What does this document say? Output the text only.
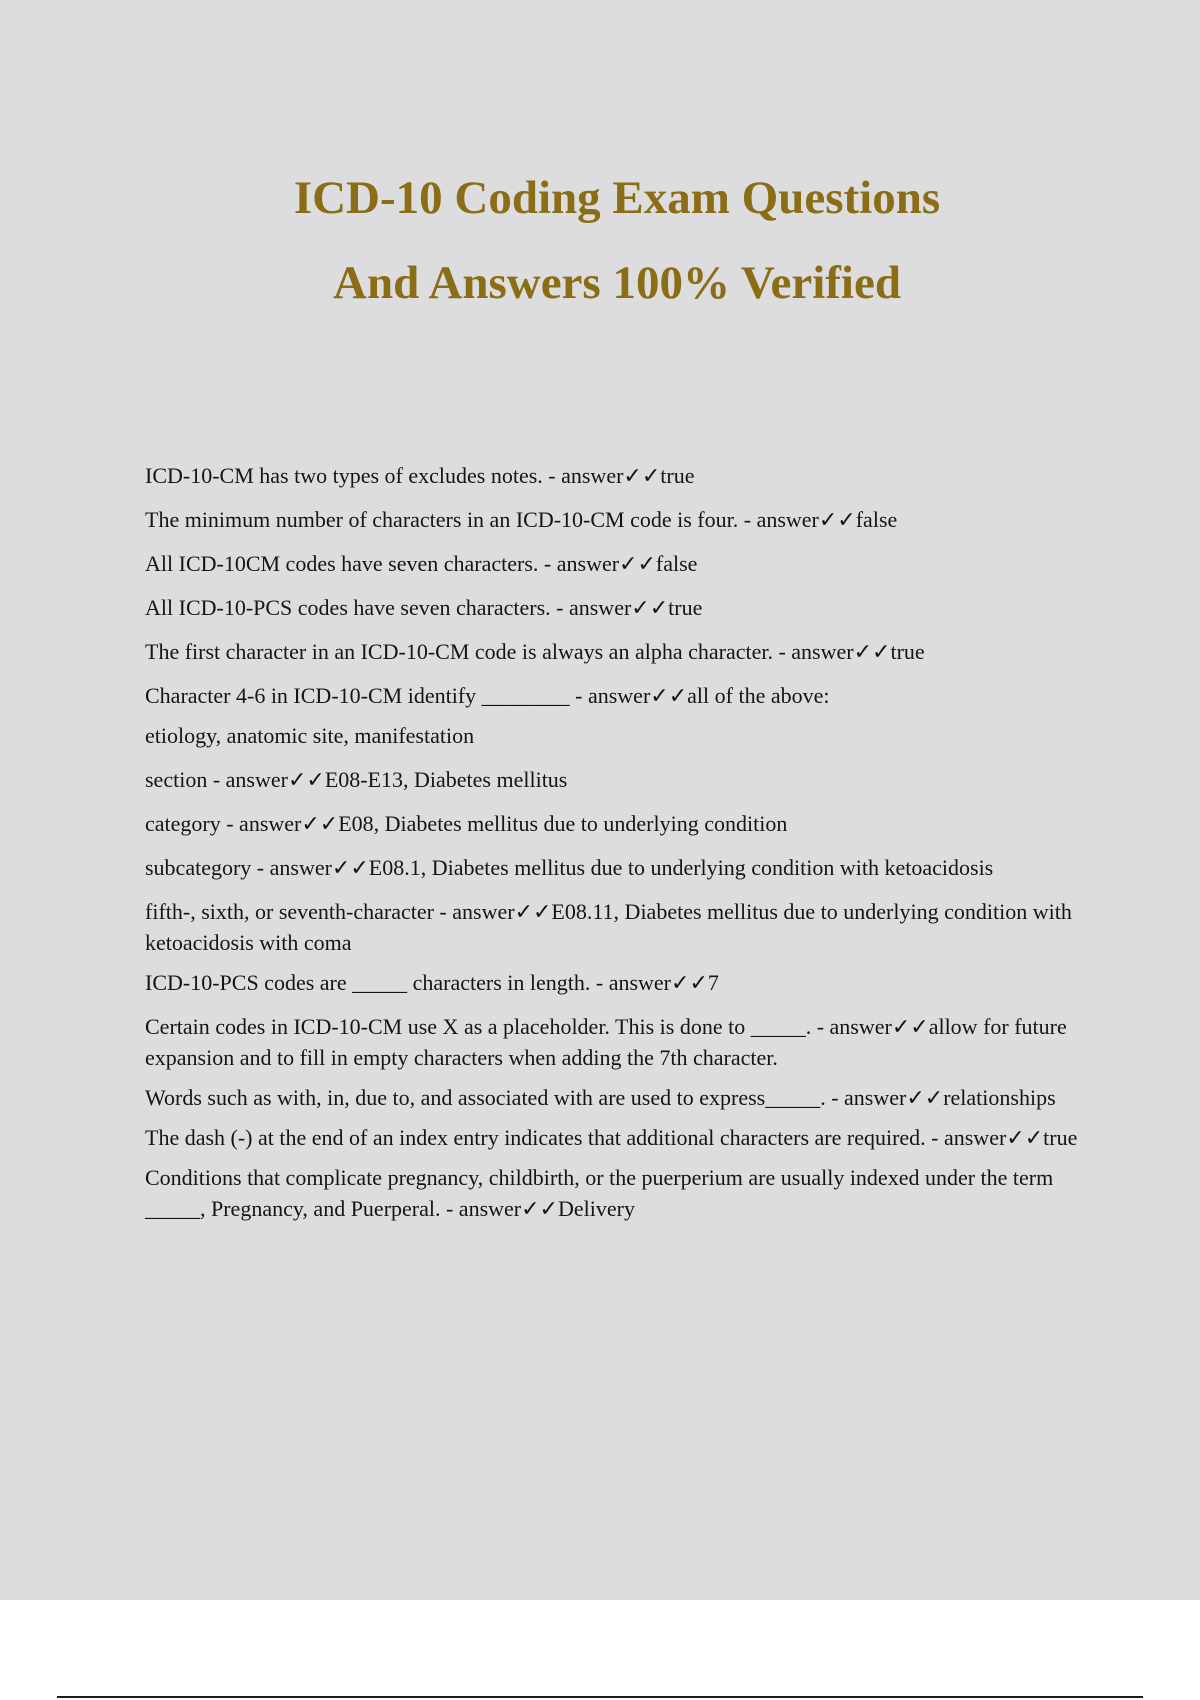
ICD-10 Coding Exam Questions
And Answers 100% Verified
ICD-10-CM has two types of excludes notes. - answer✓✓true
The minimum number of characters in an ICD-10-CM code is four. - answer✓✓false
All ICD-10CM codes have seven characters. - answer✓✓false
All ICD-10-PCS codes have seven characters. - answer✓✓true
The first character in an ICD-10-CM code is always an alpha character. - answer✓✓true
Character 4-6 in ICD-10-CM identify ________ - answer✓✓all of the above:
etiology, anatomic site, manifestation
section - answer✓✓E08-E13, Diabetes mellitus
category - answer✓✓E08, Diabetes mellitus due to underlying condition
subcategory - answer✓✓E08.1, Diabetes mellitus due to underlying condition with ketoacidosis
fifth-, sixth, or seventh-character - answer✓✓E08.11, Diabetes mellitus due to underlying condition with ketoacidosis with coma
ICD-10-PCS codes are _____ characters in length. - answer✓✓7
Certain codes in ICD-10-CM use X as a placeholder. This is done to _____. - answer✓✓allow for future expansion and to fill in empty characters when adding the 7th character.
Words such as with, in, due to, and associated with are used to express_____. - answer✓✓relationships
The dash (-) at the end of an index entry indicates that additional characters are required. - answer✓✓true
Conditions that complicate pregnancy, childbirth, or the puerperium are usually indexed under the term _____, Pregnancy, and Puerperal. - answer✓✓Delivery
